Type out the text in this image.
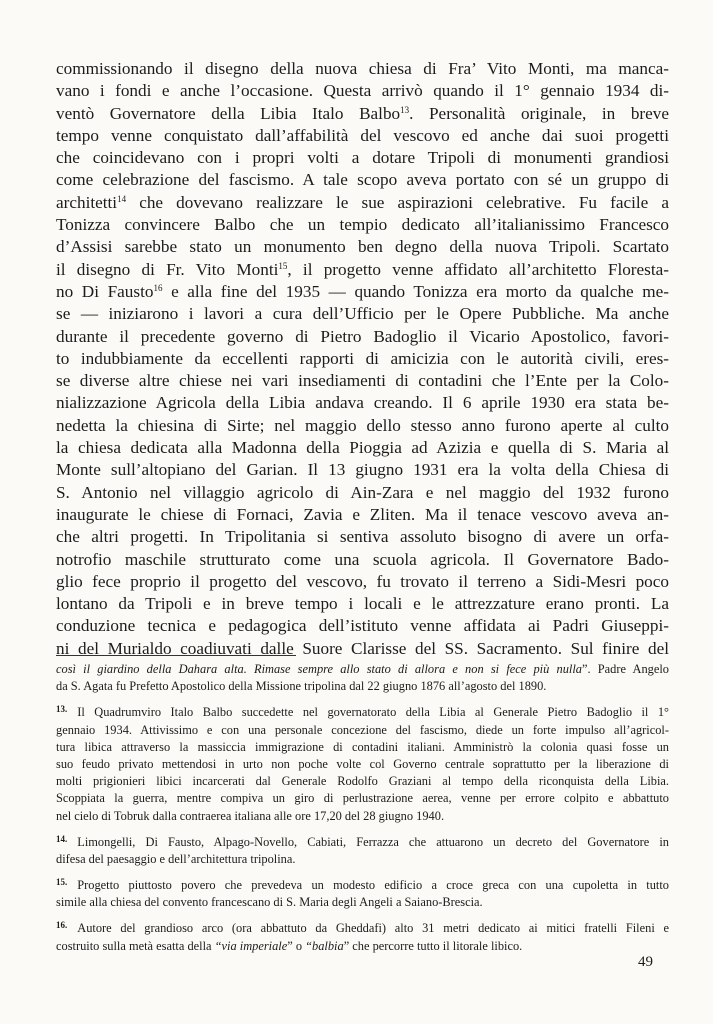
commissionando il disegno della nuova chiesa di Fra’ Vito Monti, ma manca-
vano i fondi e anche l’occasione. Questa arrivò quando il 1° gennaio 1934 di-
ventò Governatore della Libia Italo Balbo$^{13}$. Personalità originale, in breve
tempo venne conquistato dall’affabilità del vescovo ed anche dai suoi progetti
che coincidevano con i propri volti a dotare Tripoli di monumenti grandiosi
come celebrazione del fascismo. A tale scopo aveva portato con sé un gruppo di
architetti$^{14}$ che dovevano realizzare le sue aspirazioni celebrative. Fu facile a
Tonizza convincere Balbo che un tempio dedicato all’italianissimo Francesco
d’Assisi sarebbe stato un monumento ben degno della nuova Tripoli. Scartato
il disegno di Fr. Vito Monti$^{15}$, il progetto venne affidato all’architetto Floresta-
no Di Fausto$^{16}$ e alla fine del 1935 — quando Tonizza era morto da qualche me-
se — iniziarono i lavori a cura dell’Ufficio per le Opere Pubbliche. Ma anche
durante il precedente governo di Pietro Badoglio il Vicario Apostolico, favori-
to indubbiamente da eccellenti rapporti di amicizia con le autorità civili, eres-
se diverse altre chiese nei vari insediamenti di contadini che l’Ente per la Colo-
nializzazione Agricola della Libia andava creando. Il 6 aprile 1930 era stata be-
nedetta la chiesina di Sirte; nel maggio dello stesso anno furono aperte al culto
la chiesa dedicata alla Madonna della Pioggia ad Azizia e quella di S. Maria al
Monte sull’altopiano del Garian. Il 13 giugno 1931 era la volta della Chiesa di
S. Antonio nel villaggio agricolo di Ain-Zara e nel maggio del 1932 furono
inaugurate le chiese di Fornaci, Zavia e Zliten. Ma il tenace vescovo aveva an-
che altri progetti. In Tripolitania si sentiva assoluto bisogno di avere un orfa-
notrofio maschile strutturato come una scuola agricola. Il Governatore Bado-
glio fece proprio il progetto del vescovo, fu trovato il terreno a Sidi-Mesri poco
lontano da Tripoli e in breve tempo i locali e le attrezzature erano pronti. La
conduzione tecnica e pedagogica dell’istituto venne affidata ai Padri Giuseppi-
ni del Murialdo coadiuvati dalle Suore Clarisse del SS. Sacramento. Sul finire del
così il giardino della Dahara alta. Rimase sempre allo stato di allora e non si fece più nulla”. Padre Angelo
da S. Agata fu Prefetto Apostolico della Missione tripolina dal 22 giugno 1876 all’agosto del 1890.
$^{13.}$ Il Quadrumviro Italo Balbo succedette nel governatorato della Libia al Generale Pietro Badoglio il 1°
gennaio 1934. Attivissimo e con una personale concezione del fascismo, diede un forte impulso all’agricol-
tura libica attraverso la massiccia immigrazione di contadini italiani. Amministrò la colonia quasi fosse un
suo feudo privato mettendosi in urto non poche volte col Governo centrale soprattutto per la liberazione di
molti prigionieri libici incarcerati dal Generale Rodolfo Graziani al tempo della riconquista della Libia.
Scoppiata la guerra, mentre compiva un giro di perlustrazione aerea, venne per errore colpito e abbattuto
nel cielo di Tobruk dalla contraerea italiana alle ore 17,20 del 28 giugno 1940.
$^{14.}$ Limongelli, Di Fausto, Alpago-Novello, Cabiati, Ferrazza che attuarono un decreto del Governatore in
difesa del paesaggio e dell’architettura tripolina.
$^{15.}$ Progetto piuttosto povero che prevedeva un modesto edificio a croce greca con una cupoletta in tutto
simile alla chiesa del convento francescano di S. Maria degli Angeli a Saiano-Brescia.
$^{16.}$ Autore del grandioso arco (ora abbattuto da Gheddafi) alto 31 metri dedicato ai mitici fratelli Fileni e
costruito sulla metà esatta della “via imperiale” o “balbia” che percorre tutto il litorale libico.
49
